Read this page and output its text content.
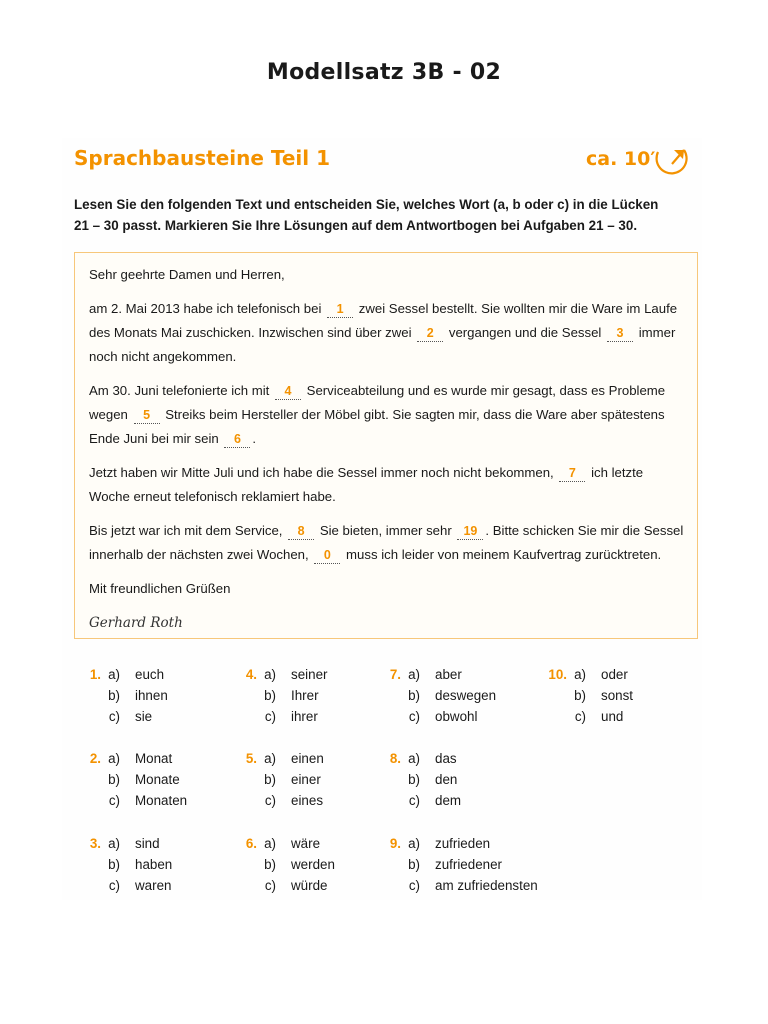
Modellsatz 3B - 02
Sprachbausteine Teil 1	ca. 10′
Lesen Sie den folgenden Text und entscheiden Sie, welches Wort (a, b oder c) in die Lücken
21 – 30 passt. Markieren Sie Ihre Lösungen auf dem Antwortbogen bei Aufgaben 21 – 30.

Sehr geehrte Damen und Herren,

am 2. Mai 2013 habe ich telefonisch bei 1 zwei Sessel bestellt. Sie wollten mir die Ware im Laufe des Monats Mai zuschicken. Inzwischen sind über zwei 2 vergangen und die Sessel 3 immer noch nicht angekommen.

Am 30. Juni telefonierte ich mit 4 Serviceabteilung und es wurde mir gesagt, dass es Probleme wegen 5 Streiks beim Hersteller der Möbel gibt. Sie sagten mir, dass die Ware aber spätestens Ende Juni bei mir sein 6 .

Jetzt haben wir Mitte Juli und ich habe die Sessel immer noch nicht bekommen, 7 ich letzte Woche erneut telefonisch reklamiert habe.

Bis jetzt war ich mit dem Service, 8 Sie bieten, immer sehr 19 . Bitte schicken Sie mir die Sessel innerhalb der nächsten zwei Wochen, 0 muss ich leider von meinem Kaufvertrag zurücktreten.

Mit freundlichen Grüßen

Gerhard Roth

1. a) euch
b) ihnen
c) sie
2. a) Monat
b) Monate
c) Monaten
3. a) sind
b) haben
c) waren
4. a) seiner
b) Ihrer
c) ihrer
5. a) einen
b) einer
c) eines
6. a) wäre
b) werden
c) würde
7. a) aber
b) deswegen
c) obwohl
8. a) das
b) den
c) dem
9. a) zufrieden
b) zufriedener
c) am zufriedensten
10. a) oder
b) sonst
c) und
